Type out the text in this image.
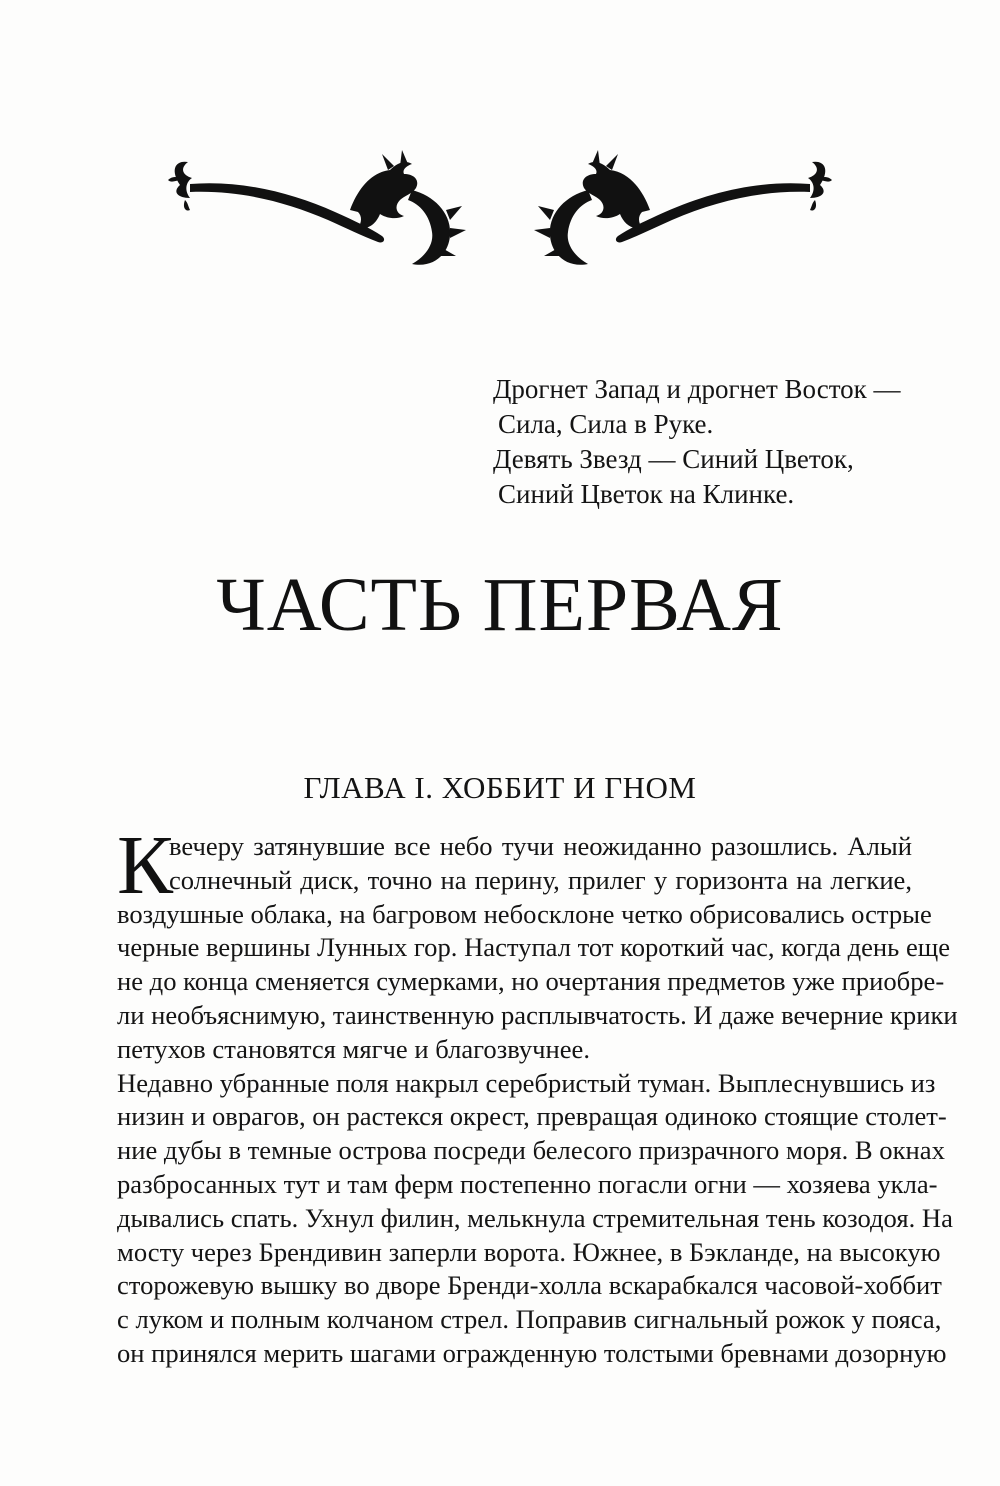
Дрогнет Запад и дрогнет Восток —
Сила, Сила в Руке.
Девять Звезд — Синий Цветок,
Синий Цветок на Клинке.
ЧАСТЬ ПЕРВАЯ
ГЛАВА I. ХОББИТ И ГНОМ
К
вечеру затянувшие все небо тучи неожиданно разошлись. Алый
солнечный диск, точно на перину, прилег у горизонта на легкие,
воздушные облака, на багровом небосклоне четко обрисовались острые
черные вершины Лунных гор. Наступал тот короткий час, когда день еще
не до конца сменяется сумерками, но очертания предметов уже приобре-
ли необъяснимую, таинственную расплывчатость. И даже вечерние крики
петухов становятся мягче и благозвучнее.
Недавно убранные поля накрыл серебристый туман. Выплеснувшись из
низин и оврагов, он растекся окрест, превращая одиноко стоящие столет-
ние дубы в темные острова посреди белесого призрачного моря. В окнах
разбросанных тут и там ферм постепенно погасли огни — хозяева укла-
дывались спать. Ухнул филин, мелькнула стремительная тень козодоя. На
мосту через Брендивин заперли ворота. Южнее, в Бэкланде, на высокую
сторожевую вышку во дворе Бренди-холла вскарабкался часовой-хоббит
с луком и полным колчаном стрел. Поправив сигнальный рожок у пояса,
он принялся мерить шагами огражденную толстыми бревнами дозорную
